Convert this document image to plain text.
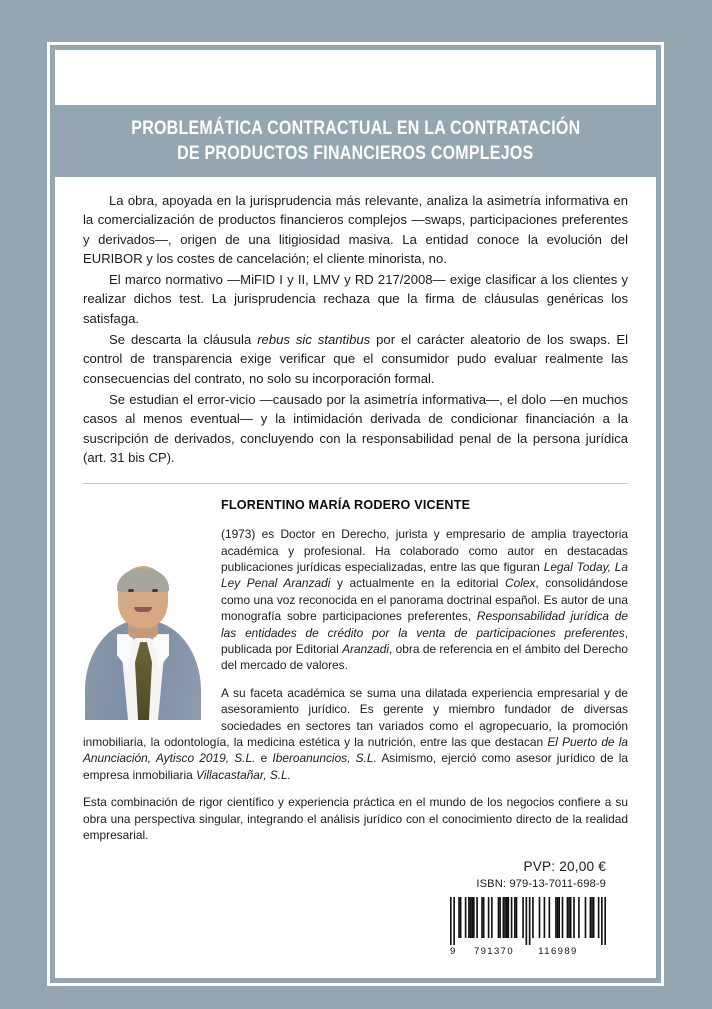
PROBLEMÁTICA CONTRACTUAL EN LA CONTRATACIÓN
DE PRODUCTOS FINANCIEROS COMPLEJOS

La obra, apoyada en la jurisprudencia más relevante, analiza la asimetría informativa en la comercialización de productos financieros complejos —swaps, participaciones preferentes y derivados—, origen de una litigiosidad masiva. La entidad conoce la evolución del EURIBOR y los costes de cancelación; el cliente minorista, no.

El marco normativo —MiFID I y II, LMV y RD 217/2008— exige clasificar a los clientes y realizar dichos test. La jurisprudencia rechaza que la firma de cláusulas genéricas los satisfaga.

Se descarta la cláusula rebus sic stantibus por el carácter aleatorio de los swaps. El control de transparencia exige verificar que el consumidor pudo evaluar realmente las consecuencias del contrato, no solo su incorporación formal.

Se estudian el error-vicio —causado por la asimetría informativa—, el dolo —en muchos casos al menos eventual— y la intimidación derivada de condicionar financiación a la suscripción de derivados, concluyendo con la responsabilidad penal de la persona jurídica (art. 31 bis CP).

FLORENTINO MARÍA RODERO VICENTE

(1973) es Doctor en Derecho, jurista y empresario de amplia trayectoria académica y profesional. Ha colaborado como autor en destacadas publicaciones jurídicas especializadas, entre las que figuran Legal Today, La Ley Penal Aranzadi y actualmente en la editorial Colex, consolidándose como una voz reconocida en el panorama doctrinal español. Es autor de una monografía sobre participaciones preferentes, Responsabilidad jurídica de las entidades de crédito por la venta de participaciones preferentes, publicada por Editorial Aranzadi, obra de referencia en el ámbito del Derecho del mercado de valores.

A su faceta académica se suma una dilatada experiencia empresarial y de asesoramiento jurídico. Es gerente y miembro fundador de diversas sociedades en sectores tan variados como el agropecuario, la promoción inmobiliaria, la odontología, la medicina estética y la nutrición, entre las que destacan El Puerto de la Anunciación, Aytisco 2019, S.L. e Iberoanuncios, S.L. Asimismo, ejerció como asesor jurídico de la empresa inmobiliaria Villacastañar, S.L.

Esta combinación de rigor científico y experiencia práctica en el mundo de los negocios confiere a su obra una perspectiva singular, integrando el análisis jurídico con el conocimiento directo de la realidad empresarial.

PVP: 20,00 €
ISBN: 979-13-7011-698-9
9	791370	116989
